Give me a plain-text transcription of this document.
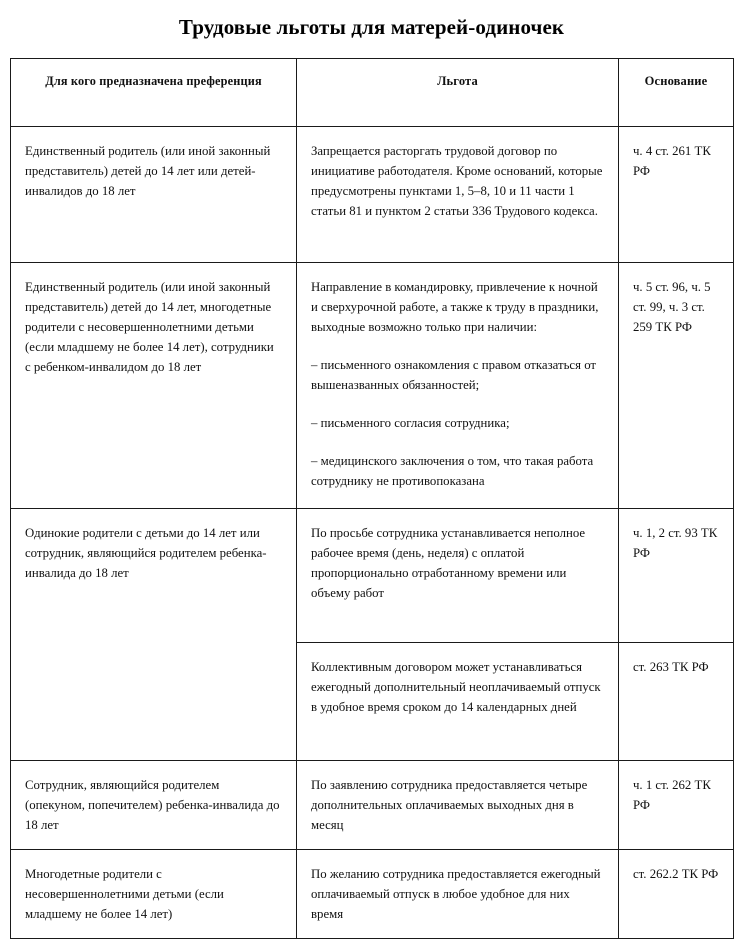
Трудовые льготы для матерей-одиночек
Для кого предназначена преференция	Льгота	Основание
Единственный родитель (или иной законный представитель) детей до 14 лет или детей-инвалидов до 18 лет	Запрещается расторгать трудовой договор по инициативе работодателя. Кроме оснований, которые предусмотрены пунктами 1, 5–8, 10 и 11 части 1 статьи 81 и пунктом 2 статьи 336 Трудового кодекса.	ч. 4 ст. 261 ТК РФ
Единственный родитель (или иной законный представитель) детей до 14 лет, многодетные родители с несовершеннолетними детьми (если младшему не более 14 лет), сотрудники с ребенком-инвалидом до 18 лет	Направление в командировку, привлечение к ночной и сверхурочной работе, а также к труду в праздники, выходные возможно только при наличии:

– письменного ознакомления с правом отказаться от вышеназванных обязанностей;

– письменного согласия сотрудника;

– медицинского заключения о том, что такая работа сотруднику не противопоказана	ч. 5 ст. 96, ч. 5 ст. 99, ч. 3 ст. 259 ТК РФ
Одинокие родители с детьми до 14 лет или сотрудник, являющийся родителем ребенка-инвалида до 18 лет	По просьбе сотрудника устанавливается неполное рабочее время (день, неделя) с оплатой пропорционально отработанному времени или объему работ	ч. 1, 2 ст. 93 ТК РФ

	Коллективным договором может устанавливаться ежегодный дополнительный неоплачиваемый отпуск в удобное время сроком до 14 календарных дней	ст. 263 ТК РФ
Сотрудник, являющийся родителем (опекуном, попечителем) ребенка-инвалида до 18 лет	По заявлению сотрудника предоставляется четыре дополнительных оплачиваемых выходных дня в месяц	ч. 1 ст. 262 ТК РФ
Многодетные родители с несовершеннолетними детьми (если младшему не более 14 лет)	По желанию сотрудника предоставляется ежегодный оплачиваемый отпуск в любое удобное для них время	ст. 262.2 ТК РФ
